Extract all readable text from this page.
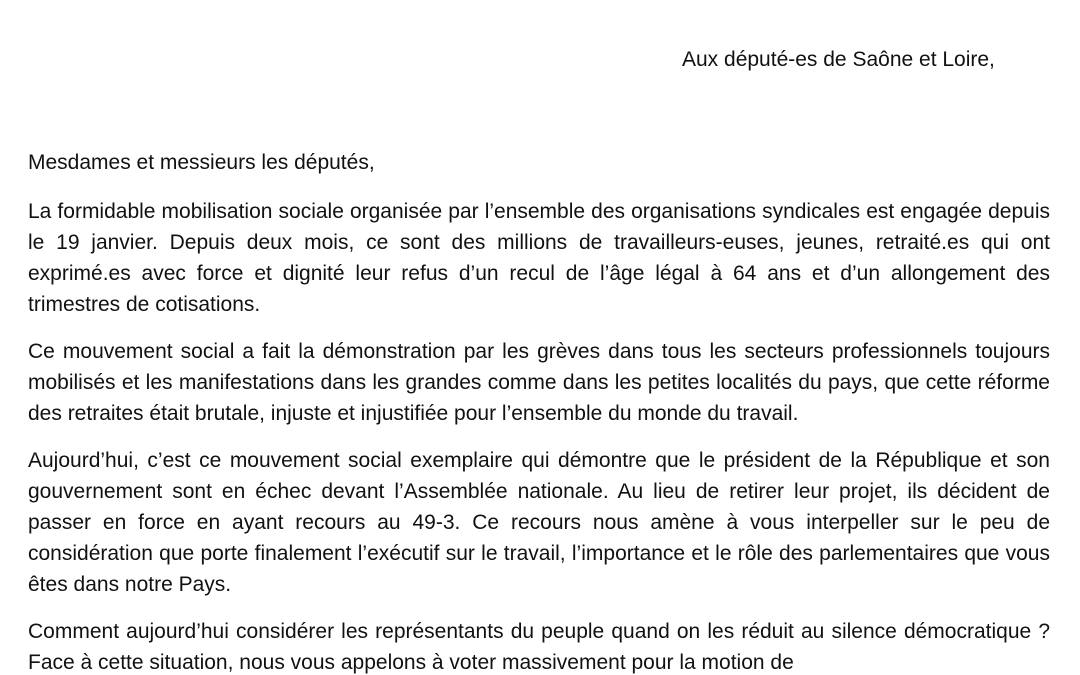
Aux député-es de Saône et Loire,
Mesdames et messieurs les députés,

La formidable mobilisation sociale organisée par l’ensemble des organisations syndicales est engagée depuis le 19 janvier. Depuis deux mois, ce sont des millions de travailleurs-euses, jeunes, retraité.es qui ont exprimé.es avec force et dignité leur refus d’un recul de l’âge légal à 64 ans et d’un allongement des trimestres de cotisations.

Ce mouvement social a fait la démonstration par les grèves dans tous les secteurs professionnels toujours mobilisés et les manifestations dans les grandes comme dans les petites localités du pays, que cette réforme des retraites était brutale, injuste et injustifiée pour l’ensemble du monde du travail.

Aujourd’hui, c’est ce mouvement social exemplaire qui démontre que le président de la République et son gouvernement sont en échec devant l’Assemblée nationale. Au lieu de retirer leur projet, ils décident de passer en force en ayant recours au 49-3. Ce recours nous amène à vous interpeller sur le peu de considération que porte finalement l’exécutif sur le travail, l’importance et le rôle des parlementaires que vous êtes dans notre Pays.

Comment aujourd’hui considérer les représentants du peuple quand on les réduit au silence démocratique ? Face à cette situation, nous vous appelons à voter massivement pour la motion de
